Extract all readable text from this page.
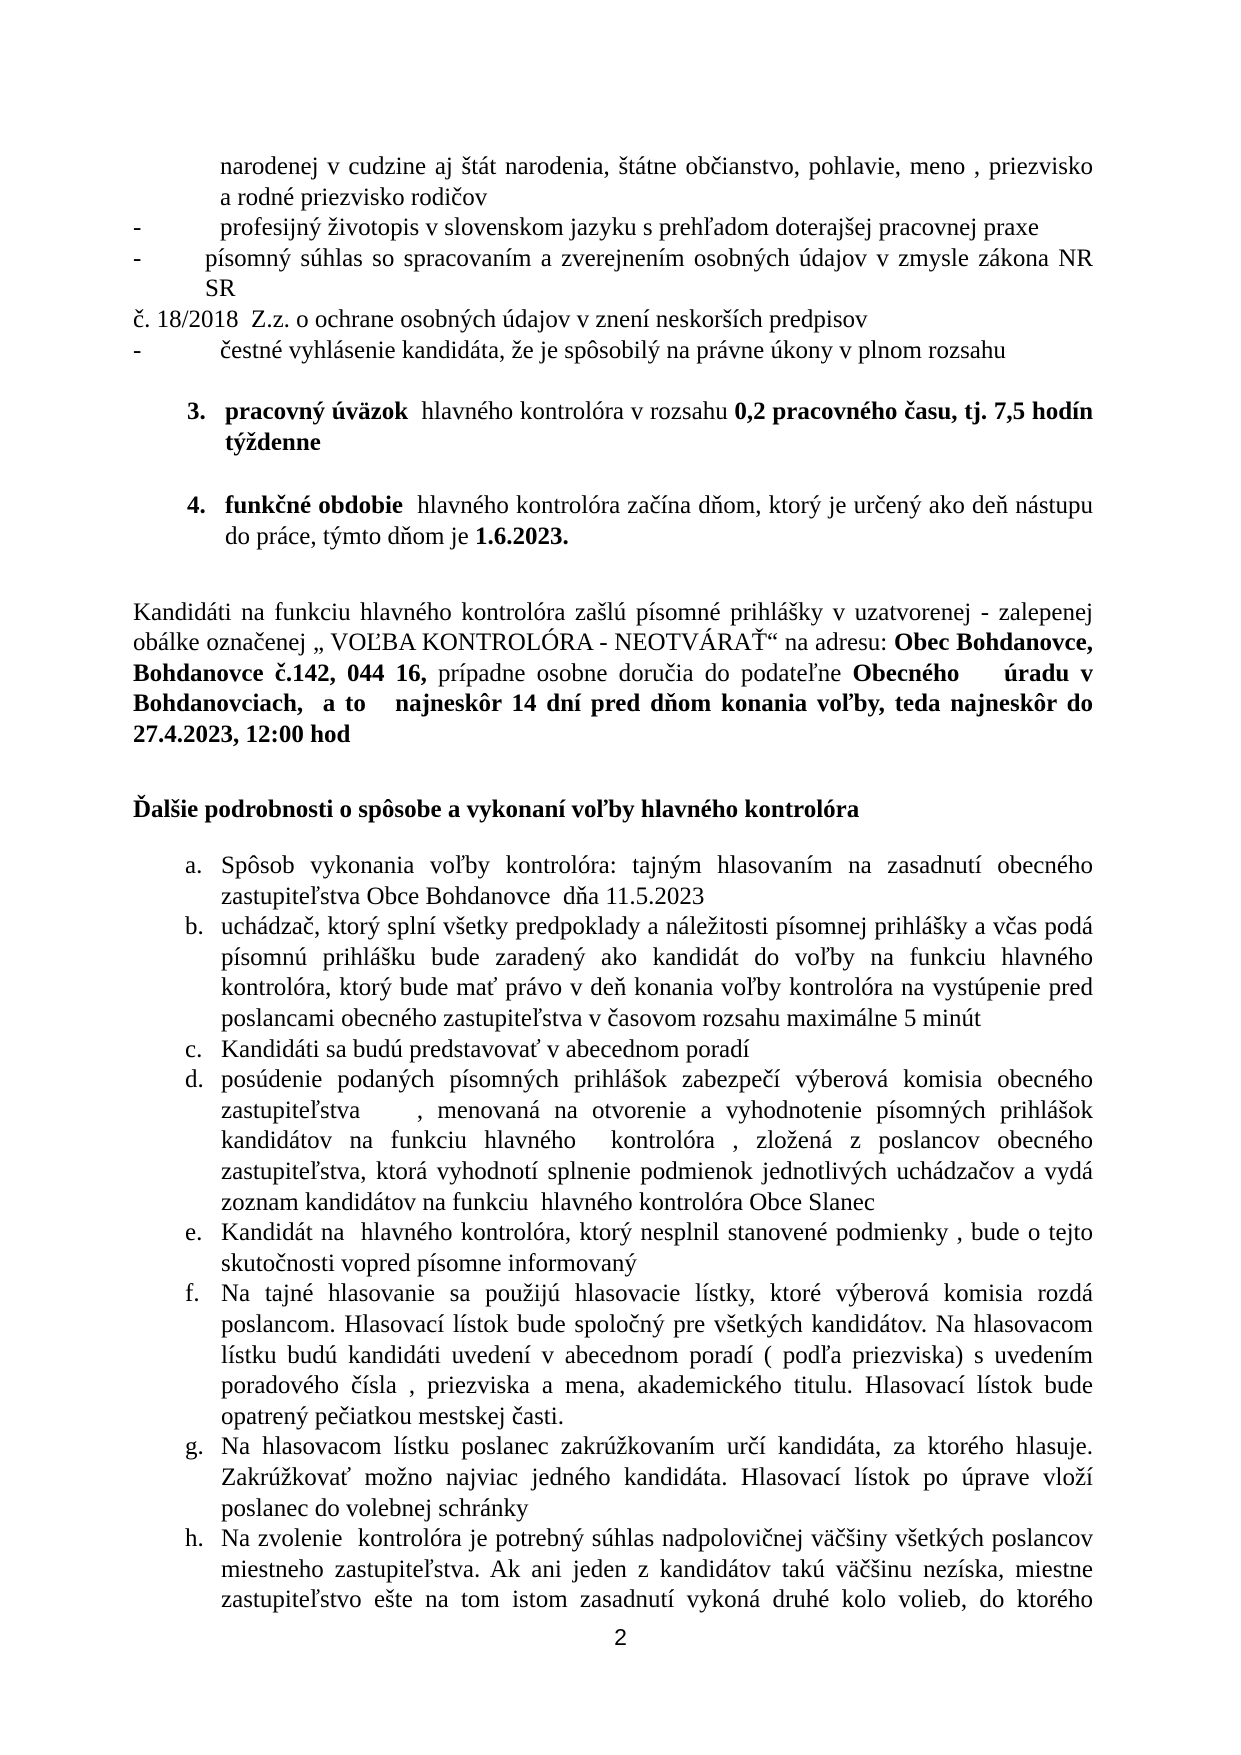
narodenej v cudzine aj štát narodenia, štátne občianstvo, pohlavie, meno , priezvisko
a rodné priezvisko rodičov
-	profesijný životopis v slovenskom jazyku s prehľadom doterajšej pracovnej praxe
-	písomný súhlas so spracovaním a zverejnením osobných údajov v zmysle zákona NR SR
č. 18/2018  Z.z. o ochrane osobných údajov v znení neskorších predpisov
-	čestné vyhlásenie kandidáta, že je spôsobilý na právne úkony v plnom rozsahu
3. pracovný úväzok  hlavného kontrolóra v rozsahu 0,2 pracovného času, tj. 7,5 hodín
týždenne
4. funkčné obdobie  hlavného kontrolóra začína dňom, ktorý je určený ako deň nástupu
do práce, týmto dňom je 1.6.2023.
Kandidáti na funkciu hlavného kontrolóra zašlú písomné prihlášky v uzatvorenej - zalepenej
obálke označenej „ VOĽBA KONTROLÓRA - NEOTVÁRAŤ“ na adresu: Obec Bohdanovce,
Bohdanovce č.142, 044 16, prípadne osobne doručia do podateľne Obecného    úradu v
Bohdanovciach,  a to   najneskôr 14 dní pred dňom konania voľby, teda najneskôr do
27.4.2023, 12:00 hod
Ďalšie podrobnosti o spôsobe a vykonaní voľby hlavného kontrolóra
a. Spôsob vykonania voľby kontrolóra: tajným hlasovaním na zasadnutí obecného
zastupiteľstva Obce Bohdanovce  dňa 11.5.2023
b. uchádzač, ktorý splní všetky predpoklady a náležitosti písomnej prihlášky a včas podá
písomnú prihlášku bude zaradený ako kandidát do voľby na funkciu hlavného
kontrolóra, ktorý bude mať právo v deň konania voľby kontrolóra na vystúpenie pred
poslancami obecného zastupiteľstva v časovom rozsahu maximálne 5 minút
c. Kandidáti sa budú predstavovať v abecednom poradí
d. posúdenie podaných písomných prihlášok zabezpečí výberová komisia obecného
zastupiteľstva    , menovaná na otvorenie a vyhodnotenie písomných prihlášok
kandidátov na funkciu hlavného  kontrolóra , zložená z poslancov obecného
zastupiteľstva, ktorá vyhodnotí splnenie podmienok jednotlivých uchádzačov a vydá
zoznam kandidátov na funkciu  hlavného kontrolóra Obce Slanec
e. Kandidát na  hlavného kontrolóra, ktorý nesplnil stanovené podmienky , bude o tejto
skutočnosti vopred písomne informovaný
f. Na tajné hlasovanie sa použijú hlasovacie lístky, ktoré výberová komisia rozdá
poslancom. Hlasovací lístok bude spoločný pre všetkých kandidátov. Na hlasovacom
lístku budú kandidáti uvedení v abecednom poradí ( podľa priezviska) s uvedením
poradového čísla , priezviska a mena, akademického titulu. Hlasovací lístok bude
opatrený pečiatkou mestskej časti.
g. Na hlasovacom lístku poslanec zakrúžkovaním určí kandidáta, za ktorého hlasuje.
Zakrúžkovať možno najviac jedného kandidáta. Hlasovací lístok po úprave vloží
poslanec do volebnej schránky
h. Na zvolenie  kontrolóra je potrebný súhlas nadpolovičnej väčšiny všetkých poslancov
miestneho zastupiteľstva. Ak ani jeden z kandidátov takú väčšinu nezíska, miestne
zastupiteľstvo ešte na tom istom zasadnutí vykoná druhé kolo volieb, do ktorého
2
